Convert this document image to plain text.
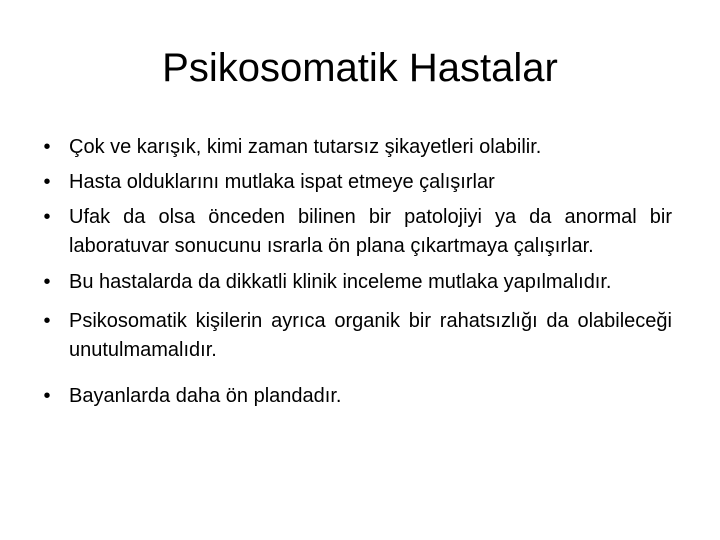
Psikosomatik Hastalar
• Çok ve karışık, kimi zaman tutarsız şikayetleri olabilir.
• Hasta olduklarını mutlaka ispat etmeye çalışırlar
• Ufak da olsa önceden bilinen bir patolojiyi ya da anormal bir laboratuvar sonucunu ısrarla ön plana çıkartmaya çalışırlar.
• Bu hastalarda da dikkatli klinik inceleme mutlaka yapılmalıdır.
• Psikosomatik kişilerin ayrıca organik bir rahatsızlığı da olabileceği unutulmamalıdır.
• Bayanlarda daha ön plandadır.
